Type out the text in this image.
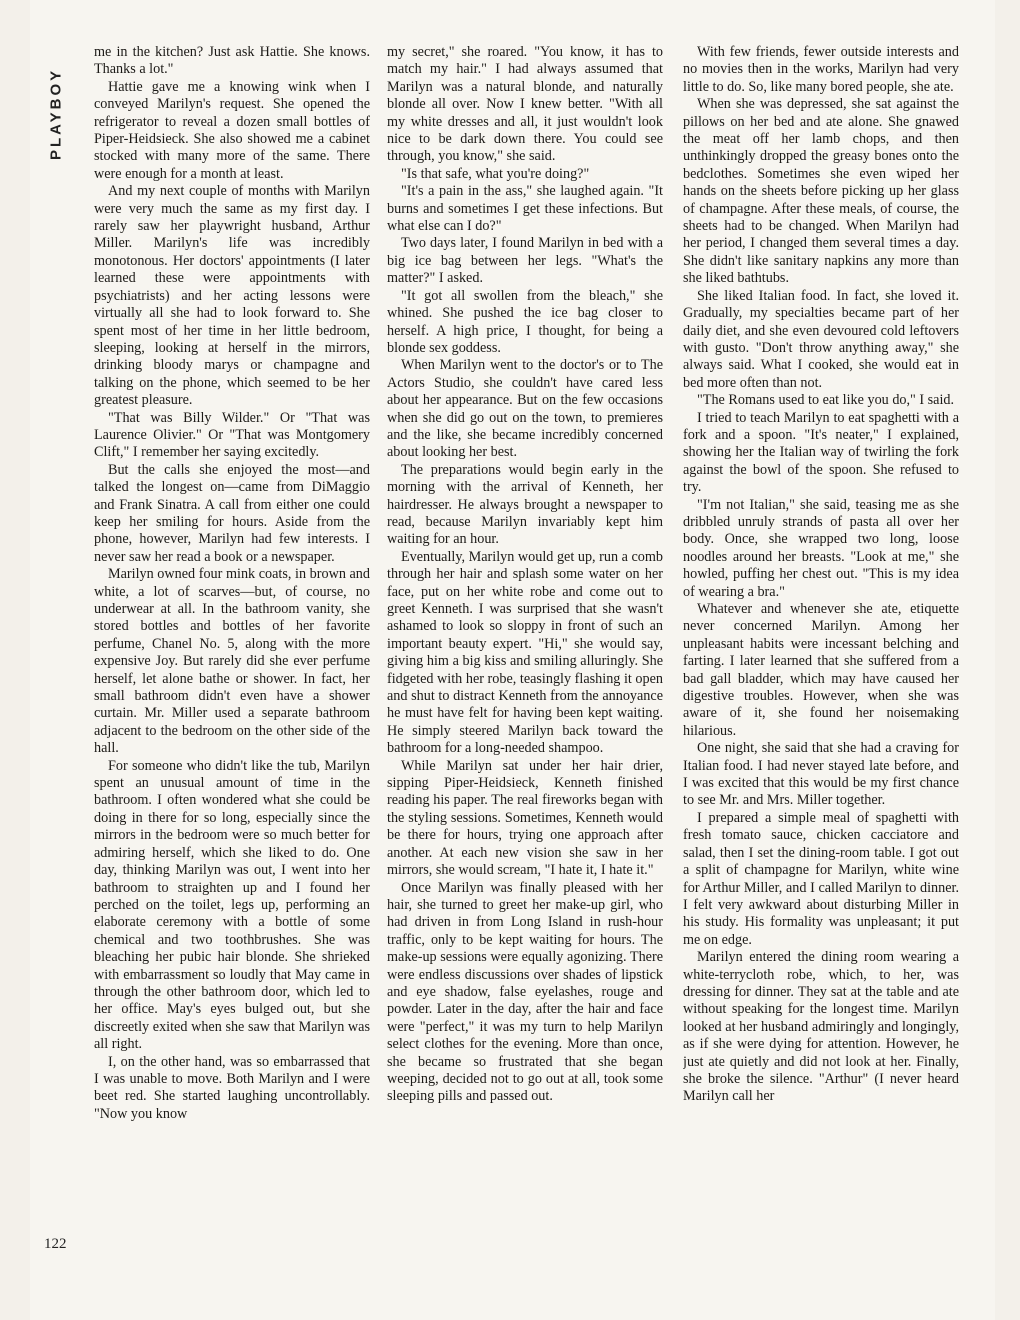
PLAYBOY

me in the kitchen? Just ask Hattie. She knows. Thanks a lot."

Hattie gave me a knowing wink when I conveyed Marilyn's request. She opened the refrigerator to reveal a dozen small bottles of Piper-Heidsieck. She also showed me a cabinet stocked with many more of the same. There were enough for a month at least.

And my next couple of months with Marilyn were very much the same as my first day. I rarely saw her playwright husband, Arthur Miller. Marilyn's life was incredibly monotonous. Her doctors' appointments (I later learned these were appointments with psychiatrists) and her acting lessons were virtually all she had to look forward to. She spent most of her time in her little bedroom, sleeping, looking at herself in the mirrors, drinking bloody marys or champagne and talking on the phone, which seemed to be her greatest pleasure.

"That was Billy Wilder." Or "That was Laurence Olivier." Or "That was Montgomery Clift," I remember her saying excitedly.

But the calls she enjoyed the most—and talked the longest on—came from DiMaggio and Frank Sinatra. A call from either one could keep her smiling for hours. Aside from the phone, however, Marilyn had few interests. I never saw her read a book or a newspaper.

Marilyn owned four mink coats, in brown and white, a lot of scarves—but, of course, no underwear at all. In the bathroom vanity, she stored bottles and bottles of her favorite perfume, Chanel No. 5, along with the more expensive Joy. But rarely did she ever perfume herself, let alone bathe or shower. In fact, her small bathroom didn't even have a shower curtain. Mr. Miller used a separate bathroom adjacent to the bedroom on the other side of the hall.

For someone who didn't like the tub, Marilyn spent an unusual amount of time in the bathroom. I often wondered what she could be doing in there for so long, especially since the mirrors in the bedroom were so much better for admiring herself, which she liked to do. One day, thinking Marilyn was out, I went into her bathroom to straighten up and I found her perched on the toilet, legs up, performing an elaborate ceremony with a bottle of some chemical and two toothbrushes. She was bleaching her pubic hair blonde. She shrieked with embarrassment so loudly that May came in through the other bathroom door, which led to her office. May's eyes bulged out, but she discreetly exited when she saw that Marilyn was all right.

I, on the other hand, was so embarrassed that I was unable to move. Both Marilyn and I were beet red. She started laughing uncontrollably. "Now you know

my secret," she roared. "You know, it has to match my hair." I had always assumed that Marilyn was a natural blonde, and naturally blonde all over. Now I knew better. "With all my white dresses and all, it just wouldn't look nice to be dark down there. You could see through, you know," she said.

"Is that safe, what you're doing?"

"It's a pain in the ass," she laughed again. "It burns and sometimes I get these infections. But what else can I do?"

Two days later, I found Marilyn in bed with a big ice bag between her legs. "What's the matter?" I asked.

"It got all swollen from the bleach," she whined. She pushed the ice bag closer to herself. A high price, I thought, for being a blonde sex goddess.

When Marilyn went to the doctor's or to The Actors Studio, she couldn't have cared less about her appearance. But on the few occasions when she did go out on the town, to premieres and the like, she became incredibly concerned about looking her best.

The preparations would begin early in the morning with the arrival of Kenneth, her hairdresser. He always brought a newspaper to read, because Marilyn invariably kept him waiting for an hour.

Eventually, Marilyn would get up, run a comb through her hair and splash some water on her face, put on her white robe and come out to greet Kenneth. I was surprised that she wasn't ashamed to look so sloppy in front of such an important beauty expert. "Hi," she would say, giving him a big kiss and smiling alluringly. She fidgeted with her robe, teasingly flashing it open and shut to distract Kenneth from the annoyance he must have felt for having been kept waiting. He simply steered Marilyn back toward the bathroom for a long-needed shampoo.

While Marilyn sat under her hair drier, sipping Piper-Heidsieck, Kenneth finished reading his paper. The real fireworks began with the styling sessions. Sometimes, Kenneth would be there for hours, trying one approach after another. At each new vision she saw in her mirrors, she would scream, "I hate it, I hate it."

Once Marilyn was finally pleased with her hair, she turned to greet her make-up girl, who had driven in from Long Island in rush-hour traffic, only to be kept waiting for hours. The make-up sessions were equally agonizing. There were endless discussions over shades of lipstick and eye shadow, false eyelashes, rouge and powder. Later in the day, after the hair and face were "perfect," it was my turn to help Marilyn select clothes for the evening. More than once, she became so frustrated that she began weeping, decided not to go out at all, took some sleeping pills and passed out.

With few friends, fewer outside interests and no movies then in the works, Marilyn had very little to do. So, like many bored people, she ate.

When she was depressed, she sat against the pillows on her bed and ate alone. She gnawed the meat off her lamb chops, and then unthinkingly dropped the greasy bones onto the bedclothes. Sometimes she even wiped her hands on the sheets before picking up her glass of champagne. After these meals, of course, the sheets had to be changed. When Marilyn had her period, I changed them several times a day. She didn't like sanitary napkins any more than she liked bathtubs.

She liked Italian food. In fact, she loved it. Gradually, my specialties became part of her daily diet, and she even devoured cold leftovers with gusto. "Don't throw anything away," she always said. What I cooked, she would eat in bed more often than not.

"The Romans used to eat like you do," I said.

I tried to teach Marilyn to eat spaghetti with a fork and a spoon. "It's neater," I explained, showing her the Italian way of twirling the fork against the bowl of the spoon. She refused to try.

"I'm not Italian," she said, teasing me as she dribbled unruly strands of pasta all over her body. Once, she wrapped two long, loose noodles around her breasts. "Look at me," she howled, puffing her chest out. "This is my idea of wearing a bra."

Whatever and whenever she ate, etiquette never concerned Marilyn. Among her unpleasant habits were incessant belching and farting. I later learned that she suffered from a bad gall bladder, which may have caused her digestive troubles. However, when she was aware of it, she found her noisemaking hilarious.

One night, she said that she had a craving for Italian food. I had never stayed late before, and I was excited that this would be my first chance to see Mr. and Mrs. Miller together.

I prepared a simple meal of spaghetti with fresh tomato sauce, chicken cacciatore and salad, then I set the dining-room table. I got out a split of champagne for Marilyn, white wine for Arthur Miller, and I called Marilyn to dinner. I felt very awkward about disturbing Miller in his study. His formality was unpleasant; it put me on edge.

Marilyn entered the dining room wearing a white-terrycloth robe, which, to her, was dressing for dinner. They sat at the table and ate without speaking for the longest time. Marilyn looked at her husband admiringly and longingly, as if she were dying for attention. However, he just ate quietly and did not look at her. Finally, she broke the silence. "Arthur" (I never heard Marilyn call her

122
